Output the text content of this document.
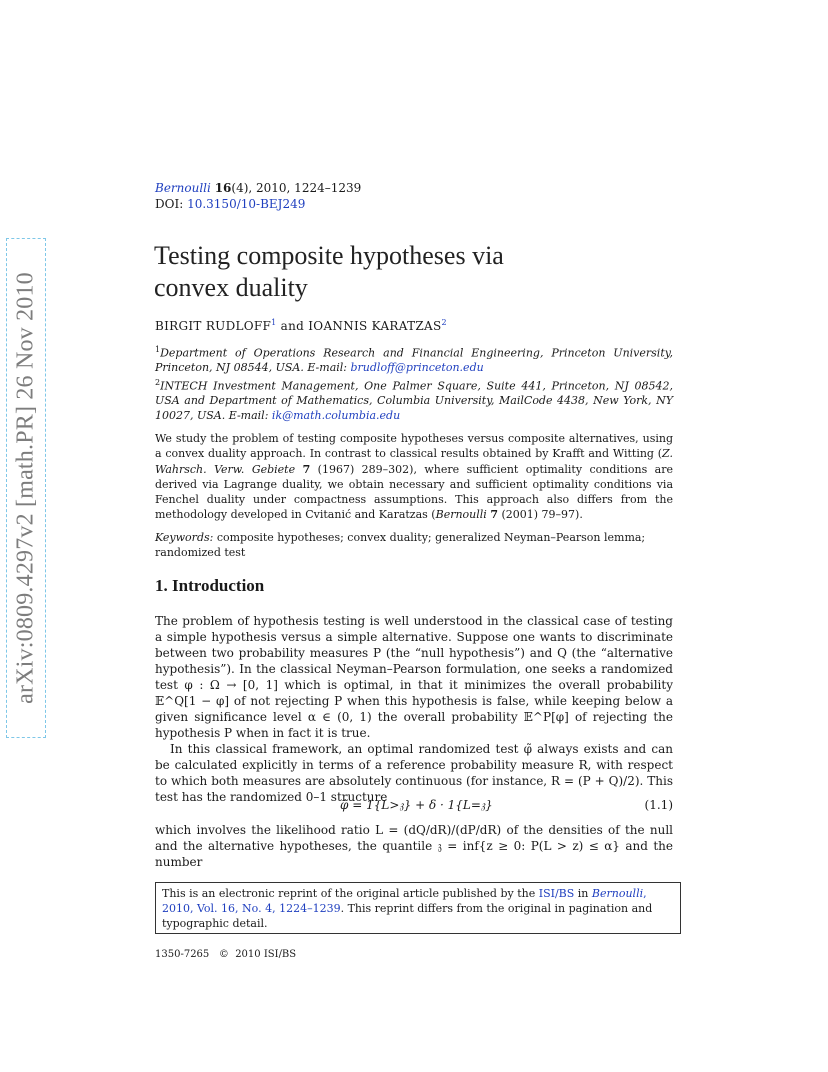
arXiv:0809.4297v2 [math.PR] 26 Nov 2010
Bernoulli 16(4), 2010, 1224–1239
DOI: 10.3150/10-BEJ249
Testing composite hypotheses via
convex duality
BIRGIT RUDLOFF$^1$ and IOANNIS KARATZAS$^2$

$^1$Department of Operations Research and Financial Engineering, Princeton University, Princeton, NJ 08544, USA. E-mail: brudloff@princeton.edu

$^2$INTECH Investment Management, One Palmer Square, Suite 441, Princeton, NJ 08542, USA and Department of Mathematics, Columbia University, MailCode 4438, New York, NY 10027, USA. E-mail: ik@math.columbia.edu

We study the problem of testing composite hypotheses versus composite alternatives, using a convex duality approach. In contrast to classical results obtained by Krafft and Witting (Z. Wahrsch. Verw. Gebiete 7 (1967) 289–302), where sufficient optimality conditions are derived via Lagrange duality, we obtain necessary and sufficient optimality conditions via Fenchel duality under compactness assumptions. This approach also differs from the methodology developed in Cvitanić and Karatzas (Bernoulli 7 (2001) 79–97).
Keywords: composite hypotheses; convex duality; generalized Neyman–Pearson lemma; randomized test
1. Introduction

The problem of hypothesis testing is well understood in the classical case of testing a simple hypothesis versus a simple alternative. Suppose one wants to discriminate between two probability measures P (the “null hypothesis”) and Q (the “alternative hypothesis”). In the classical Neyman–Pearson formulation, one seeks a randomized test φ : Ω → [0, 1] which is optimal, in that it minimizes the overall probability 𝔼^Q[1 − φ] of not rejecting P when this hypothesis is false, while keeping below a given significance level α ∈ (0, 1) the overall probability 𝔼^P[φ] of rejecting the hypothesis P when in fact it is true.

In this classical framework, an optimal randomized test φ̃ always exists and can be calculated explicitly in terms of a reference probability measure R, with respect to which both measures are absolutely continuous (for instance, R = (P + Q)/2). This test has the randomized 0–1 structure

φ̃ = 1{L>𝔷} + δ · 1{L=𝔷}	(1.1)

which involves the likelihood ratio L = (dQ/dR)/(dP/dR) of the densities of the null and the alternative hypotheses, the quantile 𝔷 = inf{z ≥ 0: P(L > z) ≤ α} and the number

This is an electronic reprint of the original article published by the ISI/BS in Bernoulli, 2010, Vol. 16, No. 4, 1224–1239. This reprint differs from the original in pagination and typographic detail.
1350-7265 © 2010 ISI/BS
